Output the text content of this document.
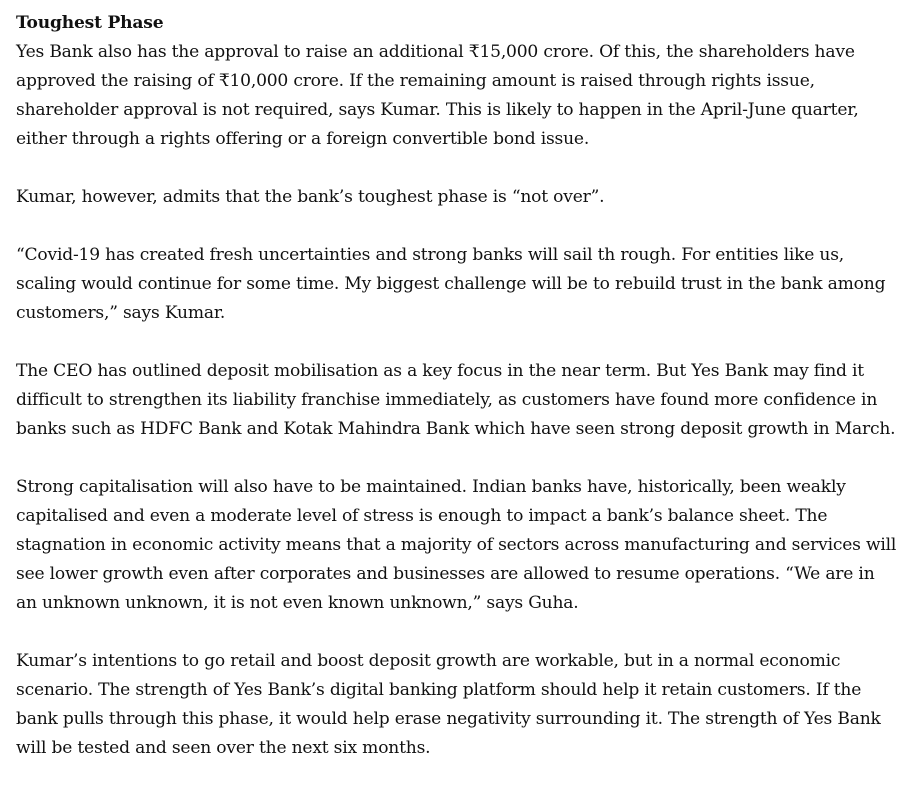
Toughest Phase

Yes Bank also has the approval to raise an additional ₹15,000 crore. Of this, the shareholders have approved the raising of ₹10,000 crore. If the remaining amount is raised through rights issue, shareholder approval is not required, says Kumar. This is likely to happen in the April-June quarter, either through a rights offering or a foreign convertible bond issue.

Kumar, however, admits that the bank’s toughest phase is “not over”.

“Covid-19 has created fresh uncertainties and strong banks will sail th rough. For entities like us, scaling would continue for some time. My biggest challenge will be to rebuild trust in the bank among customers,” says Kumar.

The CEO has outlined deposit mobilisation as a key focus in the near term. But Yes Bank may find it difficult to strengthen its liability franchise immediately, as customers have found more confidence in banks such as HDFC Bank and Kotak Mahindra Bank which have seen strong deposit growth in March.

Strong capitalisation will also have to be maintained. Indian banks have, historically, been weakly capitalised and even a moderate level of stress is enough to impact a bank’s balance sheet. The stagnation in economic activity means that a majority of sectors across manufacturing and services will see lower growth even after corporates and businesses are allowed to resume operations. “We are in an unknown unknown, it is not even known unknown,” says Guha.

Kumar’s intentions to go retail and boost deposit growth are workable, but in a normal economic scenario. The strength of Yes Bank’s digital banking platform should help it retain customers. If the bank pulls through this phase, it would help erase negativity surrounding it. The strength of Yes Bank will be tested and seen over the next six months.
